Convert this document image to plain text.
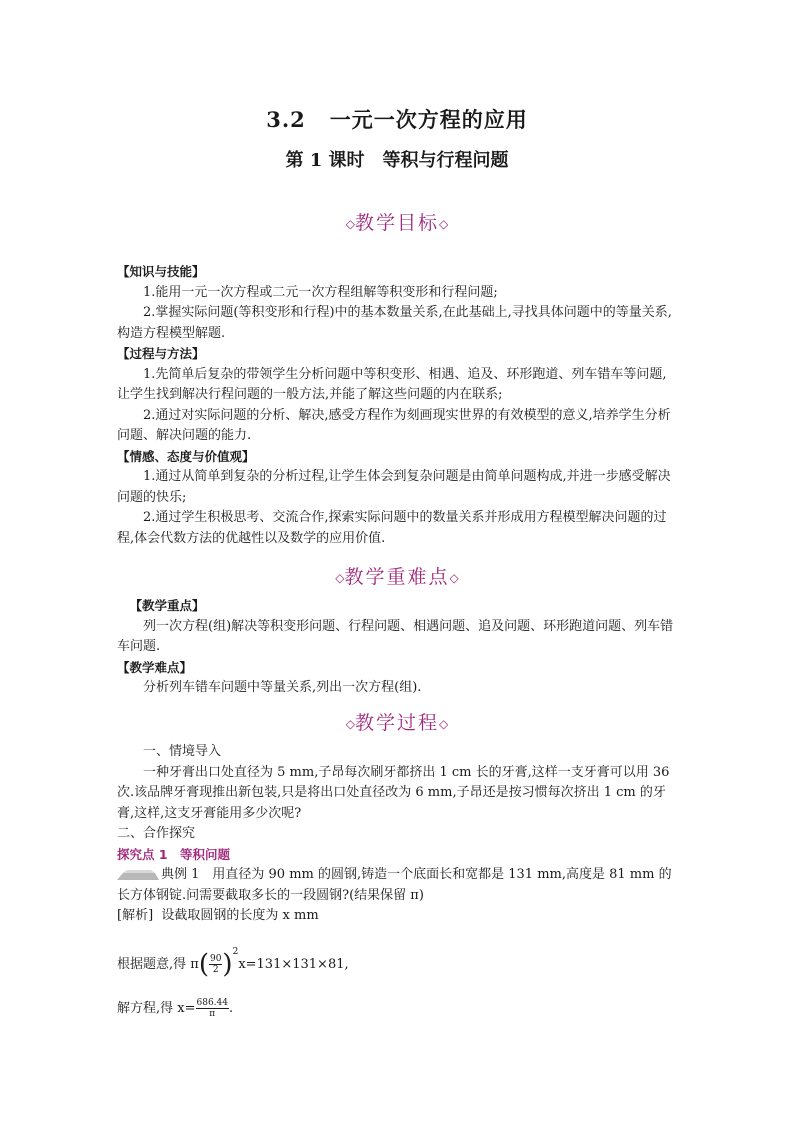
3.2 一元一次方程的应用
第 1 课时 等积与行程问题
◇教学目标◇

【知识与技能】

1.能用一元一次方程或二元一次方程组解等积变形和行程问题;

2.掌握实际问题(等积变形和行程)中的基本数量关系,在此基础上,寻找具体问题中的等量关系,构造方程模型解题.

【过程与方法】

1.先简单后复杂的带领学生分析问题中等积变形、相遇、追及、环形跑道、列车错车等问题,让学生找到解决行程问题的一般方法,并能了解这些问题的内在联系;

2.通过对实际问题的分析、解决,感受方程作为刻画现实世界的有效模型的意义,培养学生分析问题、解决问题的能力.

【情感、态度与价值观】

1.通过从简单到复杂的分析过程,让学生体会到复杂问题是由简单问题构成,并进一步感受解决问题的快乐;

2.通过学生积极思考、交流合作,探索实际问题中的数量关系并形成用方程模型解决问题的过程,体会代数方法的优越性以及数学的应用价值.

◇教学重难点◇

【教学重点】

列一次方程(组)解决等积变形问题、行程问题、相遇问题、追及问题、环形跑道问题、列车错车问题.

【教学难点】

分析列车错车问题中等量关系,列出一次方程(组).

◇教学过程◇

一、情境导入

一种牙膏出口处直径为 5 mm,子昂每次刷牙都挤出 1 cm 长的牙膏,这样一支牙膏可以用 36 次.该品牌牙膏现推出新包装,只是将出口处直径改为 6 mm,子昂还是按习惯每次挤出 1 cm 的牙膏,这样,这支牙膏能用多少次呢?

二、合作探究

探究点 1　等积问题

典例 1　用直径为 90 mm 的圆钢,铸造一个底面长和宽都是 131 mm,高度是 81 mm 的长方体钢锭.问需要截取多长的一段圆钢?(结果保留 π)

[解析] 设截取圆钢的长度为 x mm

根据题意,得 $\pi( \frac{90}{2} )^2x=131\times 131\times 81$,

解方程,得 $x= \frac{686.44}{\pi}$ .
